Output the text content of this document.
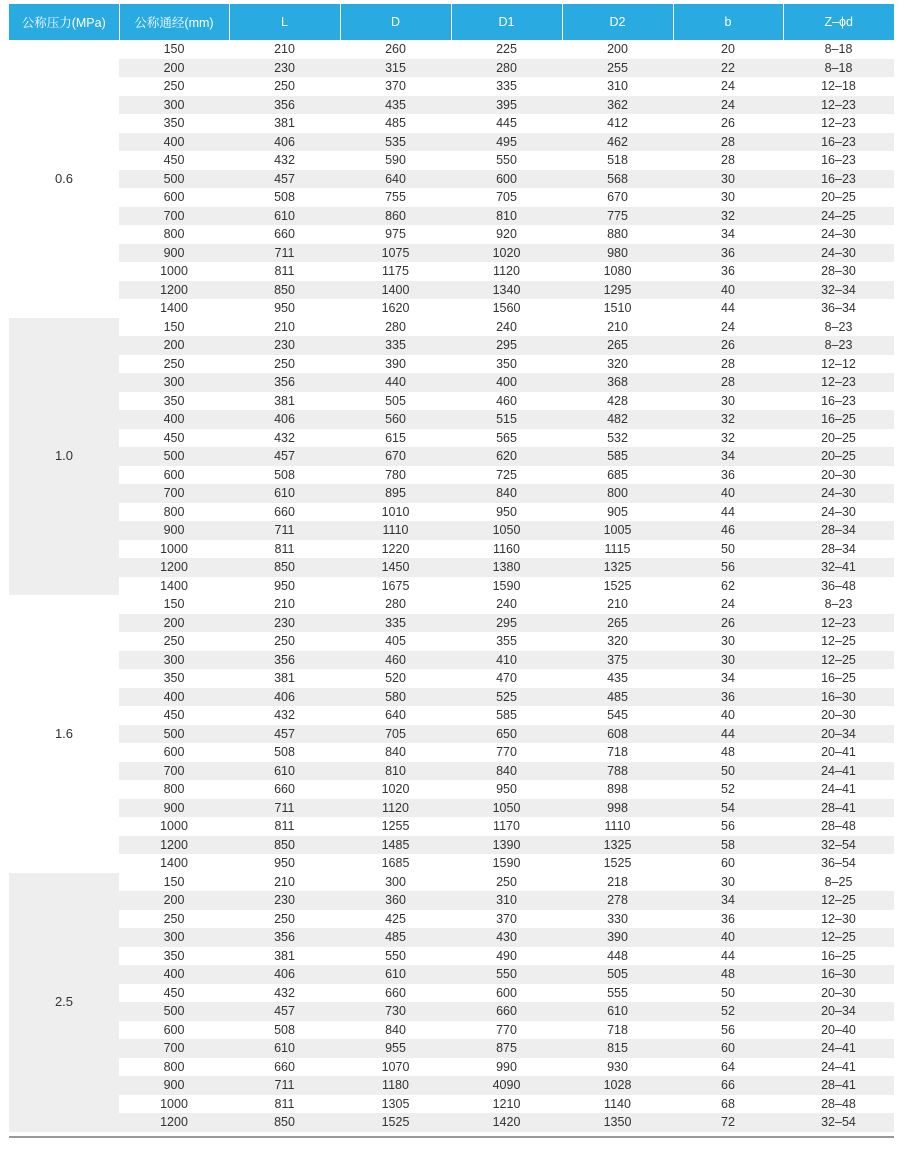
公称压力(MPa)	公称通经(mm)	L	D	D1	D2	b	Z–ϕd
0.6	150	210	260	225	200	20	8–18
	200	230	315	280	255	22	8–18
	250	250	370	335	310	24	12–18
	300	356	435	395	362	24	12–23
	350	381	485	445	412	26	12–23
	400	406	535	495	462	28	16–23
	450	432	590	550	518	28	16–23
	500	457	640	600	568	30	16–23
	600	508	755	705	670	30	20–25
	700	610	860	810	775	32	24–25
	800	660	975	920	880	34	24–30
	900	711	1075	1020	980	36	24–30
	1000	811	1175	1120	1080	36	28–30
	1200	850	1400	1340	1295	40	32–34
	1400	950	1620	1560	1510	44	36–34
1.0	150	210	280	240	210	24	8–23
	200	230	335	295	265	26	8–23
	250	250	390	350	320	28	12–12
	300	356	440	400	368	28	12–23
	350	381	505	460	428	30	16–23
	400	406	560	515	482	32	16–25
	450	432	615	565	532	32	20–25
	500	457	670	620	585	34	20–25
	600	508	780	725	685	36	20–30
	700	610	895	840	800	40	24–30
	800	660	1010	950	905	44	24–30
	900	711	1110	1050	1005	46	28–34
	1000	811	1220	1160	1115	50	28–34
	1200	850	1450	1380	1325	56	32–41
	1400	950	1675	1590	1525	62	36–48
1.6	150	210	280	240	210	24	8–23
	200	230	335	295	265	26	12–23
	250	250	405	355	320	30	12–25
	300	356	460	410	375	30	12–25
	350	381	520	470	435	34	16–25
	400	406	580	525	485	36	16–30
	450	432	640	585	545	40	20–30
	500	457	705	650	608	44	20–34
	600	508	840	770	718	48	20–41
	700	610	810	840	788	50	24–41
	800	660	1020	950	898	52	24–41
	900	711	1120	1050	998	54	28–41
	1000	811	1255	1170	1110	56	28–48
	1200	850	1485	1390	1325	58	32–54
	1400	950	1685	1590	1525	60	36–54
2.5	150	210	300	250	218	30	8–25
	200	230	360	310	278	34	12–25
	250	250	425	370	330	36	12–30
	300	356	485	430	390	40	12–25
	350	381	550	490	448	44	16–25
	400	406	610	550	505	48	16–30
	450	432	660	600	555	50	20–30
	500	457	730	660	610	52	20–34
	600	508	840	770	718	56	20–40
	700	610	955	875	815	60	24–41
	800	660	1070	990	930	64	24–41
	900	711	1180	4090	1028	66	28–41
	1000	811	1305	1210	1140	68	28–48
	1200	850	1525	1420	1350	72	32–54
